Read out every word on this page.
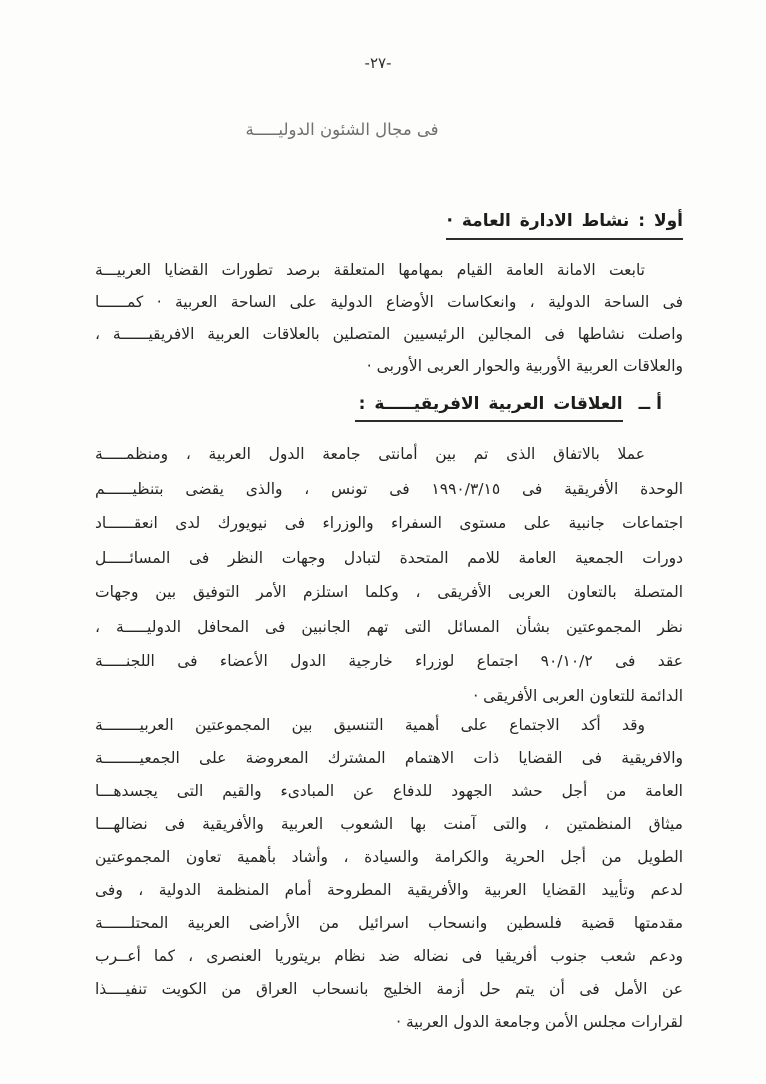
-٢٧-
فى مجال الشئون الدوليـــــة
أولا : نشاط الادارة العامة ·
تابعت الامانة العامة القيام بمهامها المتعلقة برصد تطورات القضايا العربيـــة
فى الساحة الدولية ، وانعكاسات الأوضاع الدولية على الساحة العربية · كمــــــا
واصلت نشاطها فى المجالين الرئيسيين المتصلين بالعلاقات العربية الافريقيــــــة ،
والعلاقات العربية الأوربية والحوار العربى الأوربى ·
أ ــ
العلاقات العربية الافريقيـــــة :
عملا بالاتفاق الذى تم بين أمانتى جامعة الدول العربية ، ومنظمـــــة
الوحدة الأفريقية فى ١٩٩٠/٣/١٥ فى تونس ، والذى يقضى بتنظيــــــم
اجتماعات جانبية على مستوى السفراء والوزراء فى نيويورك لدى انعقــــــاد
دورات الجمعية العامة للامم المتحدة لتبادل وجهات النظر فى المسائـــــل
المتصلة بالتعاون العربى الأفريقى ، وكلما استلزم الأمر التوفيق بين وجهات
نظر المجموعتين بشأن المسائل التى تهم الجانبين فى المحافل الدوليـــــة ،
عقد فى ٩٠/١٠/٢ اجتماع لوزراء خارجية الدول الأعضاء فى اللجنـــــة
الدائمة للتعاون العربى الأفريقى ·
وقد أكد الاجتماع على أهمية التنسيق بين المجموعتين العربيــــــــة
والافريقية فى القضايا ذات الاهتمام المشترك المعروضة على الجمعيــــــــة
العامة من أجل حشد الجهود للدفاع عن المبادىء والقيم التى يجسدهـــا
ميثاق المنظمتين ، والتى آمنت بها الشعوب العربية والأفريقية فى نضالهـــا
الطويل من أجل الحرية والكرامة والسيادة ، وأشاد بأهمية تعاون المجموعتين
لدعم وتأييد القضايا العربية والأفريقية المطروحة أمام المنظمة الدولية ، وفى
مقدمتها قضية فلسطين وانسحاب اسرائيل من الأراضى العربية المحتلــــــة
ودعم شعب جنوب أفريقيا فى نضاله ضد نظام بريتوريا العنصرى ، كما أعــرب
عن الأمل فى أن يتم حل أزمة الخليج بانسحاب العراق من الكويت تنفيــــذا
لقرارات مجلس الأمن وجامعة الدول العربية ·
